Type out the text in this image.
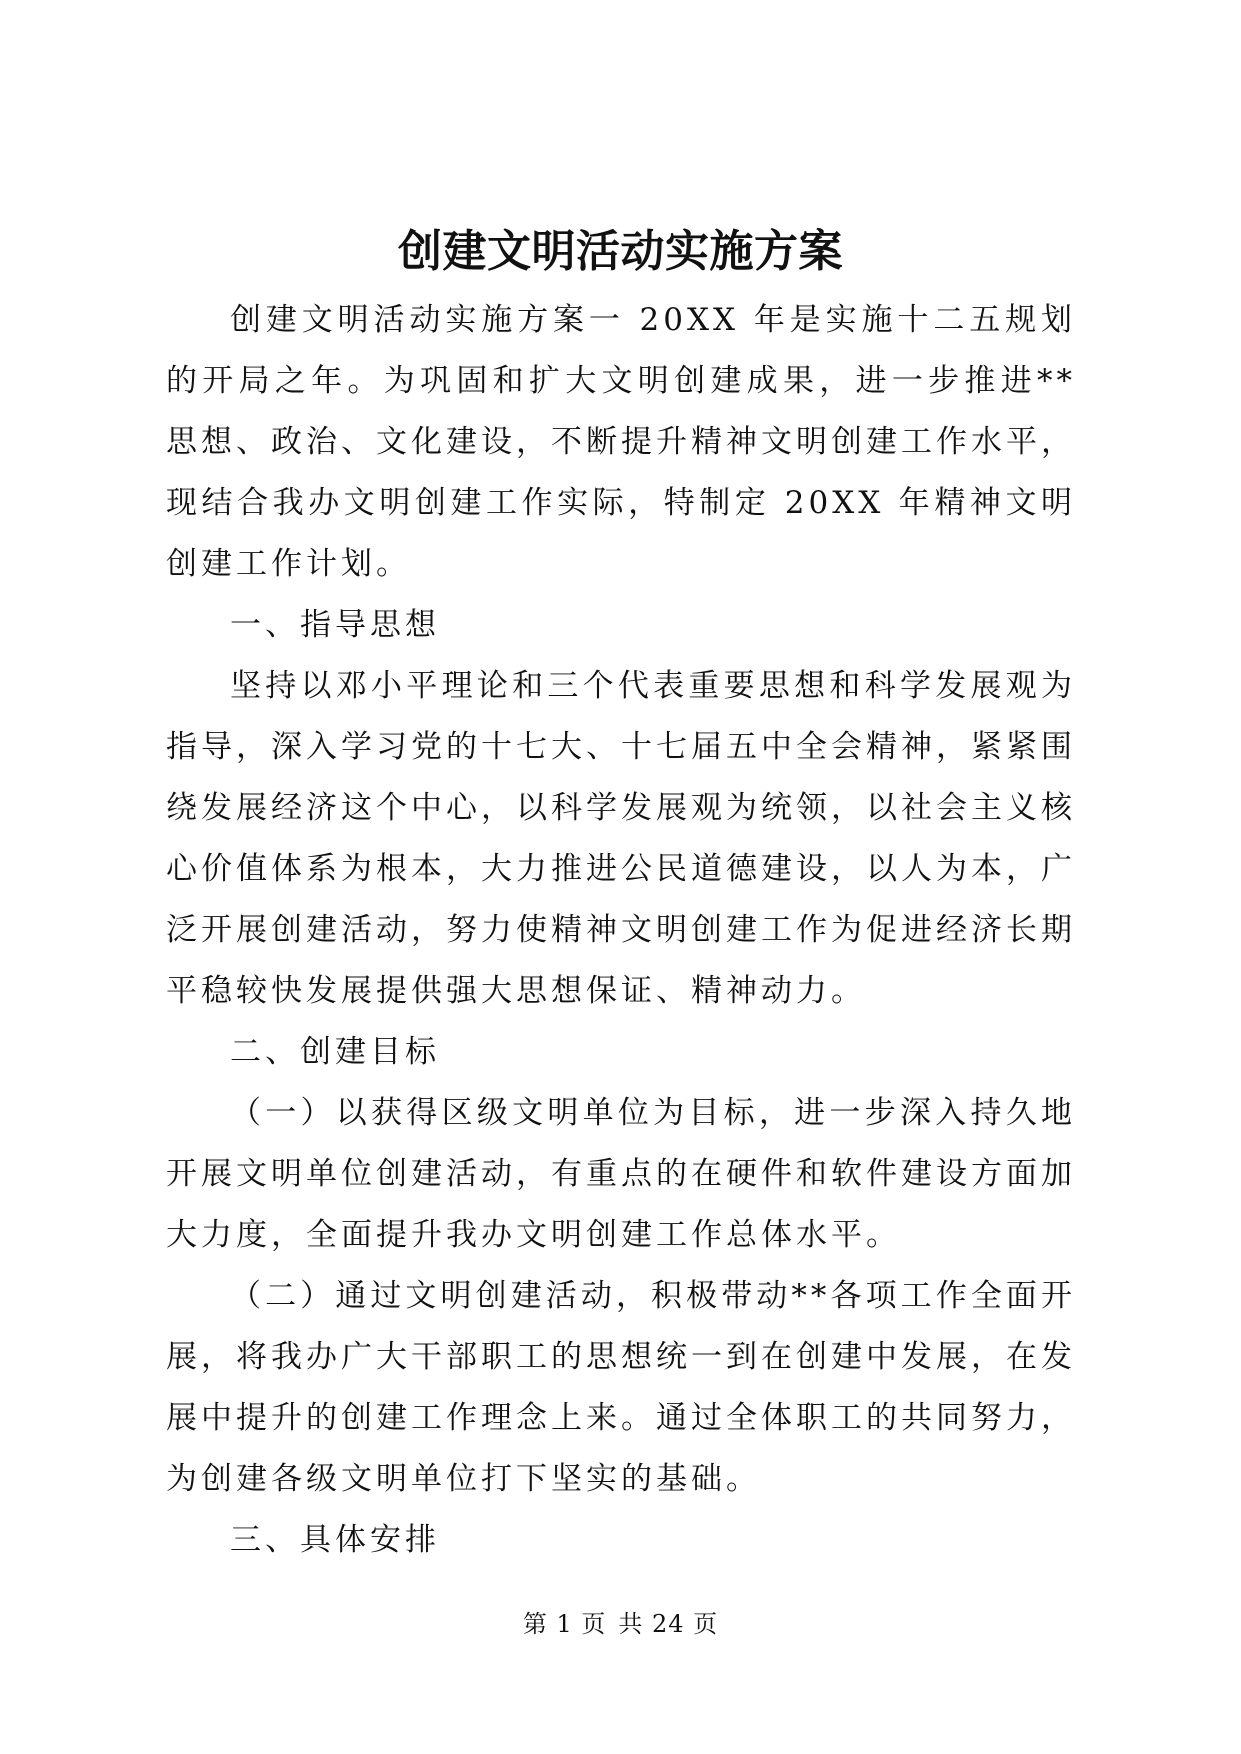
创建文明活动实施方案

创建文明活动实施方案一 20XX 年是实施十二五规划的开局之年。为巩固和扩大文明创建成果，进一步推进**思想、政治、文化建设，不断提升精神文明创建工作水平，现结合我办文明创建工作实际，特制定 20XX 年精神文明创建工作计划。

一、指导思想

坚持以邓小平理论和三个代表重要思想和科学发展观为指导，深入学习党的十七大、十七届五中全会精神，紧紧围绕发展经济这个中心，以科学发展观为统领，以社会主义核心价值体系为根本，大力推进公民道德建设，以人为本，广泛开展创建活动，努力使精神文明创建工作为促进经济长期平稳较快发展提供强大思想保证、精神动力。

二、创建目标

（一）以获得区级文明单位为目标，进一步深入持久地开展文明单位创建活动，有重点的在硬件和软件建设方面加大力度，全面提升我办文明创建工作总体水平。

（二）通过文明创建活动，积极带动**各项工作全面开展，将我办广大干部职工的思想统一到在创建中发展，在发展中提升的创建工作理念上来。通过全体职工的共同努力，为创建各级文明单位打下坚实的基础。

三、具体安排

第 1 页 共 24 页
